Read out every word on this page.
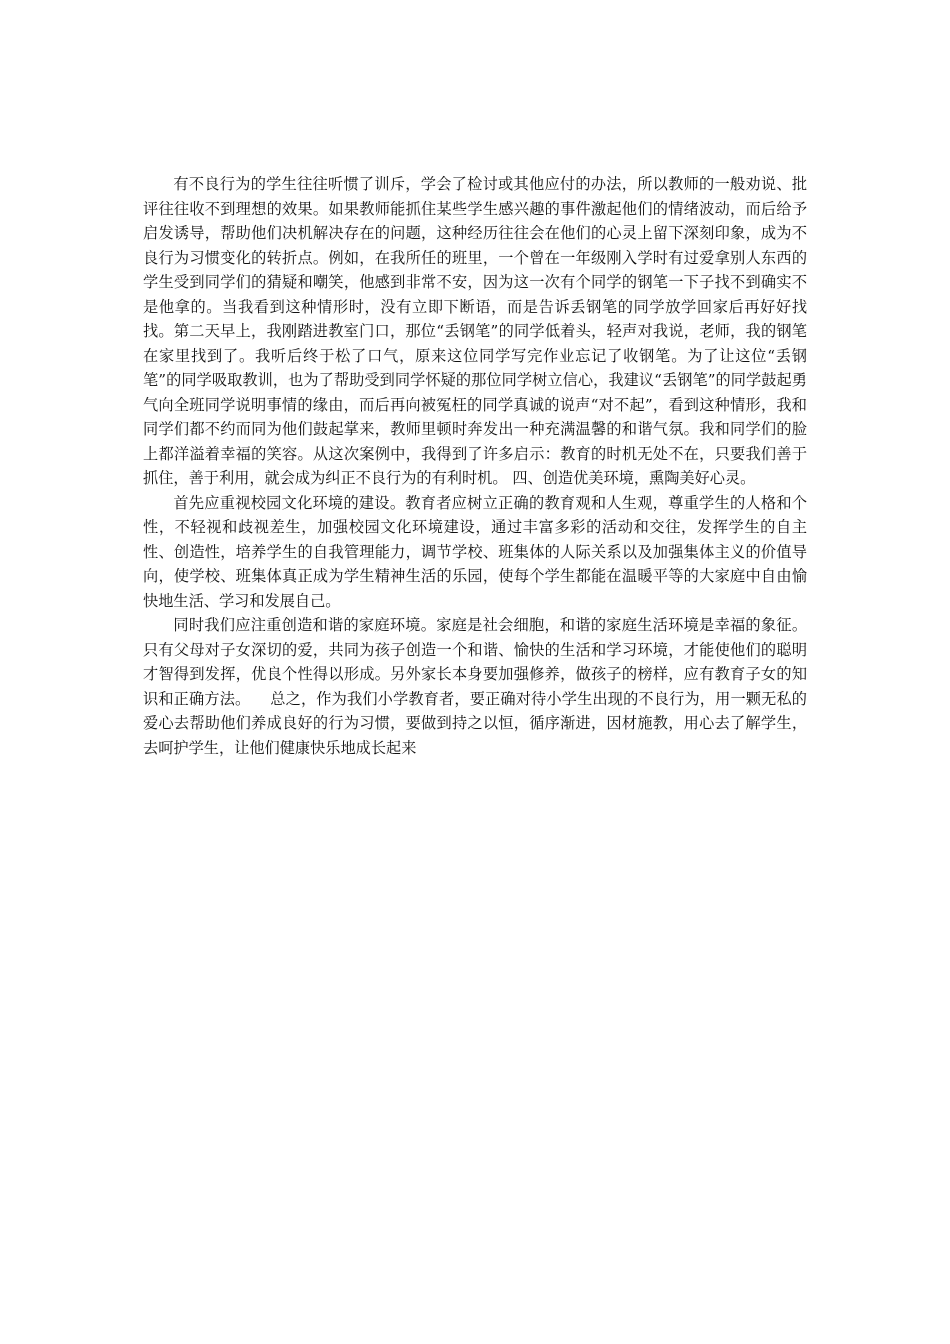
有不良行为的学生往往听惯了训斥，学会了检讨或其他应付的办法，所以教师的一般劝说、批评往往收不到理想的效果。如果教师能抓住某些学生感兴趣的事件激起他们的情绪波动，而后给予启发诱导，帮助他们决机解决存在的问题，这种经历往往会在他们的心灵上留下深刻印象，成为不良行为习惯变化的转折点。例如，在我所任的班里，一个曾在一年级刚入学时有过爱拿别人东西的学生受到同学们的猜疑和嘲笑，他感到非常不安，因为这一次有个同学的钢笔一下子找不到确实不是他拿的。当我看到这种情形时，没有立即下断语，而是告诉丢钢笔的同学放学回家后再好好找找。第二天早上，我刚踏进教室门口，那位“丢钢笔”的同学低着头，轻声对我说，老师，我的钢笔在家里找到了。我听后终于松了口气，原来这位同学写完作业忘记了收钢笔。为了让这位“丢钢笔”的同学吸取教训，也为了帮助受到同学怀疑的那位同学树立信心，我建议“丢钢笔”的同学鼓起勇气向全班同学说明事情的缘由，而后再向被冤枉的同学真诚的说声“对不起”，看到这种情形，我和同学们都不约而同为他们鼓起掌来，教师里顿时奔发出一种充满温馨的和谐气氛。我和同学们的脸上都洋溢着幸福的笑容。从这次案例中，我得到了许多启示：教育的时机无处不在，只要我们善于抓住，善于利用，就会成为纠正不良行为的有利时机。 四、创造优美环境，熏陶美好心灵。

首先应重视校园文化环境的建设。教育者应树立正确的教育观和人生观，尊重学生的人格和个性，不轻视和歧视差生，加强校园文化环境建设，通过丰富多彩的活动和交往，发挥学生的自主性、创造性，培养学生的自我管理能力，调节学校、班集体的人际关系以及加强集体主义的价值导向，使学校、班集体真正成为学生精神生活的乐园，使每个学生都能在温暖平等的大家庭中自由愉快地生活、学习和发展自己。

同时我们应注重创造和谐的家庭环境。家庭是社会细胞，和谐的家庭生活环境是幸福的象征。只有父母对子女深切的爱，共同为孩子创造一个和谐、愉快的生活和学习环境，才能使他们的聪明才智得到发挥，优良个性得以形成。另外家长本身要加强修养，做孩子的榜样，应有教育子女的知识和正确方法。    总之，作为我们小学教育者，要正确对待小学生出现的不良行为，用一颗无私的爱心去帮助他们养成良好的行为习惯，要做到持之以恒，循序渐进，因材施教，用心去了解学生，去呵护学生，让他们健康快乐地成长起来
